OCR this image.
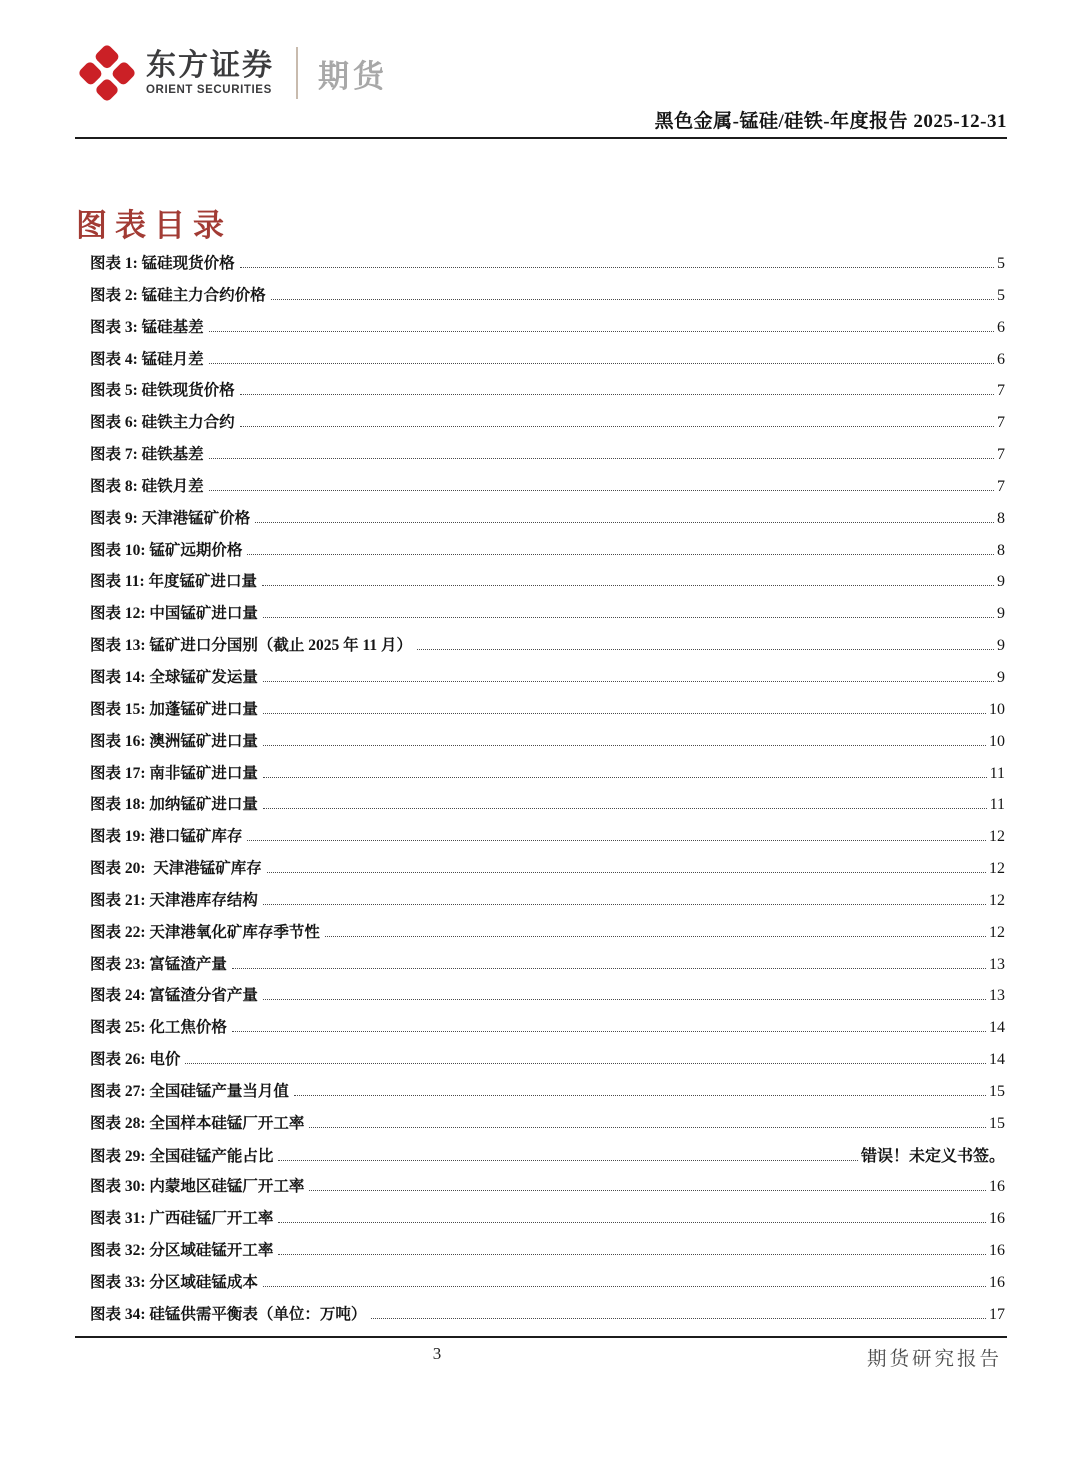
东方证券
ORIENT SECURITIES 期货
黑色金属-锰硅/硅铁-年度报告 2025-12-31
图表目录
图表 1: 锰硅现货价格	5
图表 2: 锰硅主力合约价格	5
图表 3: 锰硅基差	6
图表 4: 锰硅月差	6
图表 5: 硅铁现货价格	7
图表 6: 硅铁主力合约	7
图表 7: 硅铁基差	7
图表 8: 硅铁月差	7
图表 9: 天津港锰矿价格	8
图表 10: 锰矿远期价格	8
图表 11: 年度锰矿进口量	9
图表 12: 中国锰矿进口量	9
图表 13: 锰矿进口分国别（截止 2025 年 11 月）	9
图表 14: 全球锰矿发运量	9
图表 15: 加蓬锰矿进口量	10
图表 16: 澳洲锰矿进口量	10
图表 17: 南非锰矿进口量	11
图表 18: 加纳锰矿进口量	11
图表 19: 港口锰矿库存	12
图表 20:  天津港锰矿库存	12
图表 21: 天津港库存结构	12
图表 22: 天津港氧化矿库存季节性	12
图表 23: 富锰渣产量	13
图表 24: 富锰渣分省产量	13
图表 25: 化工焦价格	14
图表 26: 电价	14
图表 27: 全国硅锰产量当月值	15
图表 28: 全国样本硅锰厂开工率	15
图表 29: 全国硅锰产能占比	错误！未定义书签。
图表 30: 内蒙地区硅锰厂开工率	16
图表 31: 广西硅锰厂开工率	16
图表 32: 分区域硅锰开工率	16
图表 33: 分区域硅锰成本	16
图表 34: 硅锰供需平衡表（单位：万吨）	17
3	期货研究报告
